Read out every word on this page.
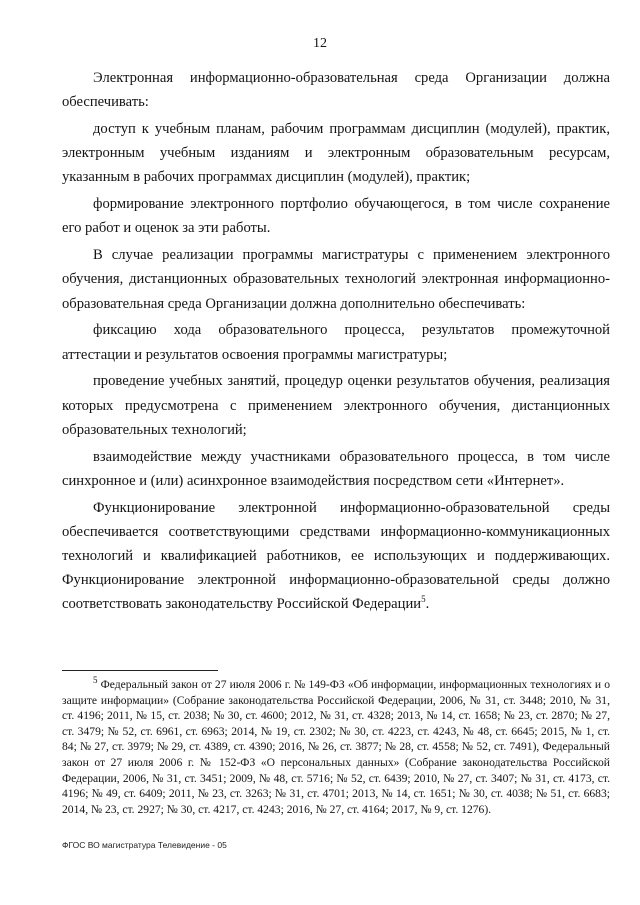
12

Электронная информационно-образовательная среда Организации должна обеспечивать:

доступ к учебным планам, рабочим программам дисциплин (модулей), практик, электронным учебным изданиям и электронным образовательным ресурсам, указанным в рабочих программах дисциплин (модулей), практик;

формирование электронного портфолио обучающегося, в том числе сохранение его работ и оценок за эти работы.

В случае реализации программы магистратуры с применением электронного обучения, дистанционных образовательных технологий электронная информационно-образовательная среда Организации должна дополнительно обеспечивать:

фиксацию хода образовательного процесса, результатов промежуточной аттестации и результатов освоения программы магистратуры;

проведение учебных занятий, процедур оценки результатов обучения, реализация которых предусмотрена с применением электронного обучения, дистанционных образовательных технологий;

взаимодействие между участниками образовательного процесса, в том числе синхронное и (или) асинхронное взаимодействия посредством сети «Интернет».

Функционирование электронной информационно-образовательной среды обеспечивается соответствующими средствами информационно-коммуникационных технологий и квалификацией работников, ее использующих и поддерживающих. Функционирование электронной информационно-образовательной среды должно соответствовать законодательству Российской Федерации$^5$.

$^5$ Федеральный закон от 27 июля 2006 г. № 149-ФЗ «Об информации, информационных технологиях и о защите информации» (Собрание законодательства Российской Федерации, 2006, № 31, ст. 3448; 2010, № 31, ст. 4196; 2011, № 15, ст. 2038; № 30, ст. 4600; 2012, № 31, ст. 4328; 2013, № 14, ст. 1658; № 23, ст. 2870; № 27, ст. 3479; № 52, ст. 6961, ст. 6963; 2014, № 19, ст. 2302; № 30, ст. 4223, ст. 4243, № 48, ст. 6645; 2015, № 1, ст. 84; № 27, ст. 3979; № 29, ст. 4389, ст. 4390; 2016, № 26, ст. 3877; № 28, ст. 4558; № 52, ст. 7491), Федеральный закон от 27 июля 2006 г. № 152-ФЗ «О персональных данных» (Собрание законодательства Российской Федерации, 2006, № 31, ст. 3451; 2009, № 48, ст. 5716; № 52, ст. 6439; 2010, № 27, ст. 3407; № 31, ст. 4173, ст. 4196; № 49, ст. 6409; 2011, № 23, ст. 3263; № 31, ст. 4701; 2013, № 14, ст. 1651; № 30, ст. 4038; № 51, ст. 6683; 2014, № 23, ст. 2927; № 30, ст. 4217, ст. 4243; 2016, № 27, ст. 4164; 2017, № 9, ст. 1276).

ФГОС ВО магистратура Телевидение - 05
